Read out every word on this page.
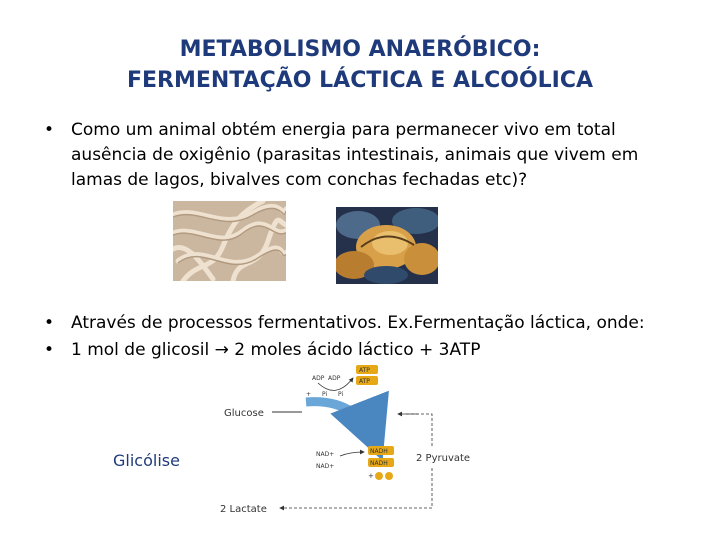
METABOLISMO ANAERÓBICO:
FERMENTAÇÃO LÁCTICA E ALCOÓLICA
• Como um animal obtém energia para permanecer vivo em total ausência de oxigênio (parasitas intestinais, animais que vivem em lamas de lagos, bivalves com conchas fechadas etc)?
• Através de processos fermentativos. Ex.Fermentação láctica, onde:
• 1 mol de glicosil → 2 moles ácido láctico + 3ATP
Glicólise
Glucose
ADP ADP
+ Pi Pi
ATP
ATP
NAD+
NAD+
NADH
NADH
+
2 Pyruvate
2 Lactate
